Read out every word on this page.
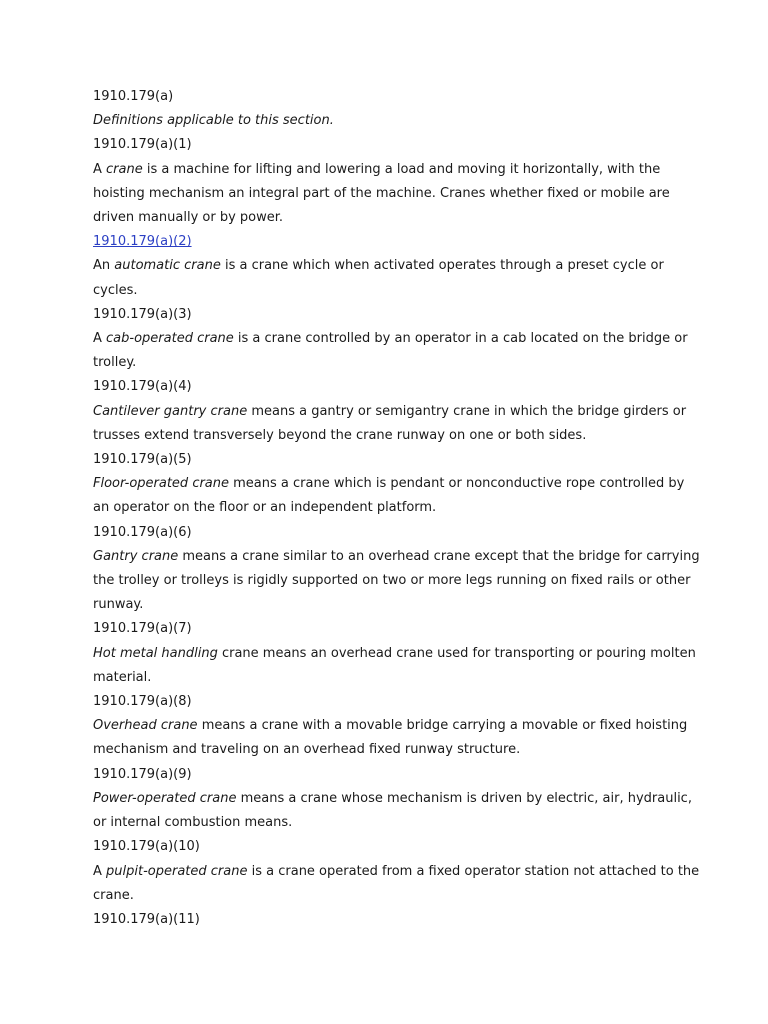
1910.179(a)
Definitions applicable to this section.
1910.179(a)(1)
A crane is a machine for lifting and lowering a load and moving it horizontally, with the
hoisting mechanism an integral part of the machine. Cranes whether fixed or mobile are
driven manually or by power.
1910.179(a)(2)
An automatic crane is a crane which when activated operates through a preset cycle or
cycles.
1910.179(a)(3)
A cab-operated crane is a crane controlled by an operator in a cab located on the bridge or
trolley.
1910.179(a)(4)
Cantilever gantry crane means a gantry or semigantry crane in which the bridge girders or
trusses extend transversely beyond the crane runway on one or both sides.
1910.179(a)(5)
Floor-operated crane means a crane which is pendant or nonconductive rope controlled by
an operator on the floor or an independent platform.
1910.179(a)(6)
Gantry crane means a crane similar to an overhead crane except that the bridge for carrying
the trolley or trolleys is rigidly supported on two or more legs running on fixed rails or other
runway.
1910.179(a)(7)
Hot metal handling crane means an overhead crane used for transporting or pouring molten
material.
1910.179(a)(8)
Overhead crane means a crane with a movable bridge carrying a movable or fixed hoisting
mechanism and traveling on an overhead fixed runway structure.
1910.179(a)(9)
Power-operated crane means a crane whose mechanism is driven by electric, air, hydraulic,
or internal combustion means.
1910.179(a)(10)
A pulpit-operated crane is a crane operated from a fixed operator station not attached to the
crane.
1910.179(a)(11)
